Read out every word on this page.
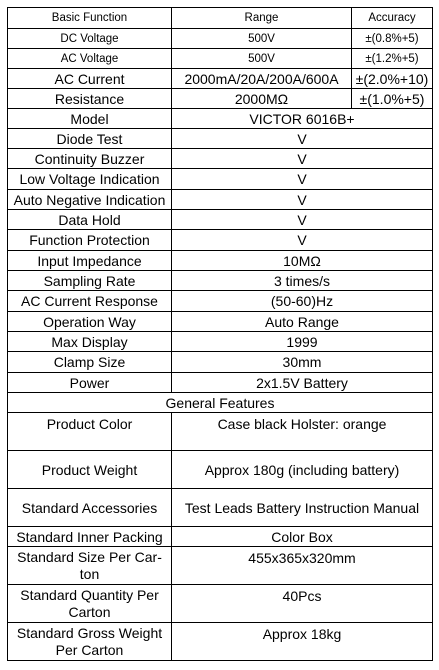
Basic Function	Range	Accuracy
DC Voltage	500V	±(0.8%+5)
AC Voltage	500V	±(1.2%+5)
AC Current	2000mA/20A/200A/600A	±(2.0%+10)
Resistance	2000MΩ	±(1.0%+5)
Model	VICTOR 6016B+	
Diode Test	V	
Continuity Buzzer	V	
Low Voltage Indication	V	
Auto Negative Indication	V	
Data Hold	V	
Function Protection	V	
Input Impedance	10MΩ	
Sampling Rate	3 times/s	
AC Current Response	(50-60)Hz	
Operation Way	Auto Range	
Max Display	1999	
Clamp Size	30mm	
Power	2x1.5V Battery	
General Features		
Product Color	Case black Holster: orange	
Product Weight	Approx 180g (including battery)	
Standard Accessories	Test Leads Battery Instruction Manual	
Standard Inner Packing	Color Box	
Standard Size Per Car-ton	455x365x320mm	
Standard Quantity Per Carton	40Pcs	
Standard Gross Weight Per Carton	Approx 18kg	
